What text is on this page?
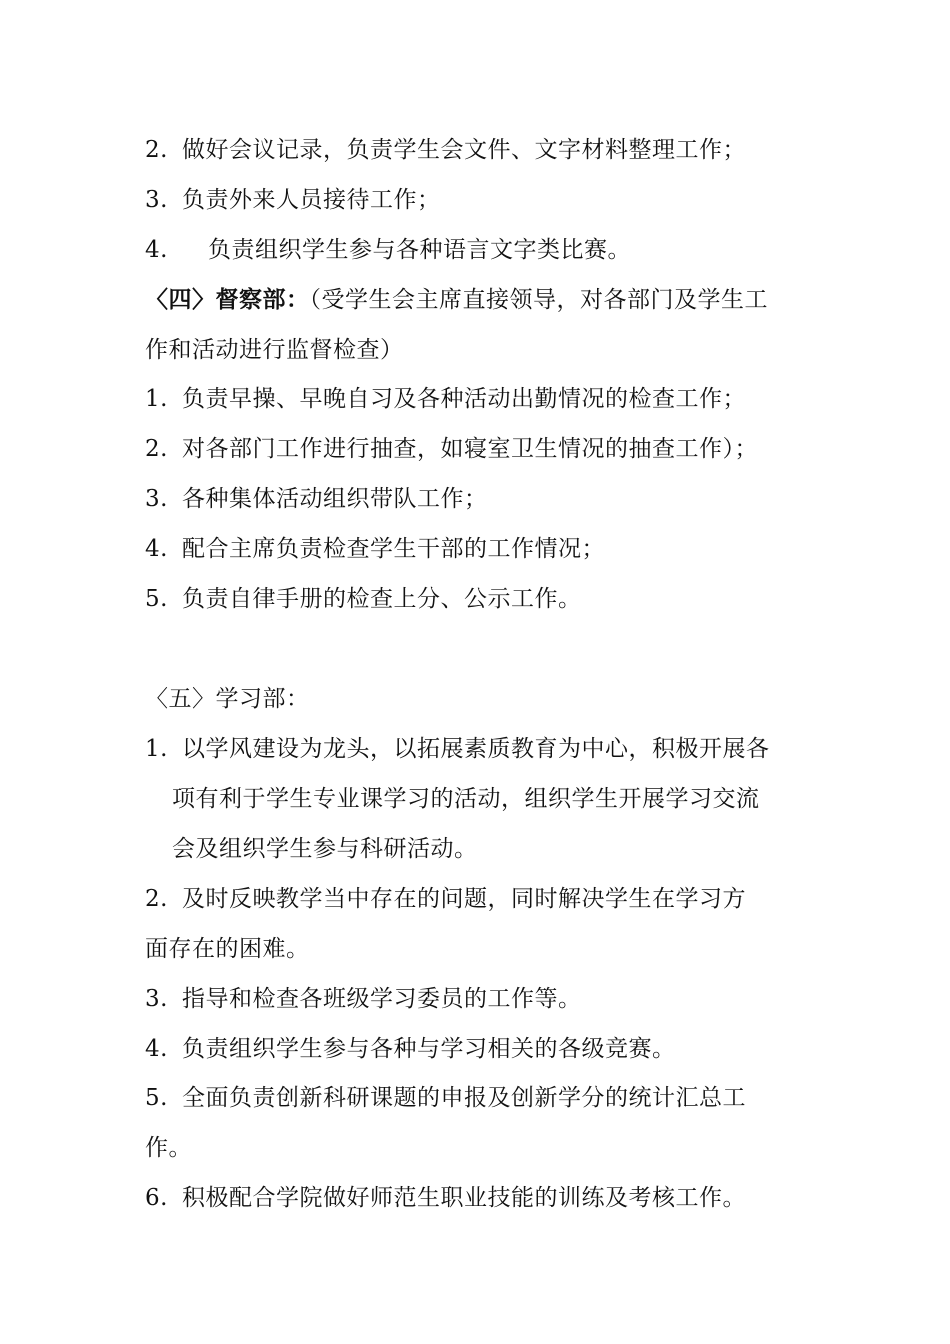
2. 做好会议记录，负责学生会文件、文字材料整理工作；
3. 负责外来人员接待工作；
4. 负责组织学生参与各种语言文字类比赛。
〈四〉督察部：（受学生会主席直接领导，对各部门及学生工
作和活动进行监督检查）
1. 负责早操、早晚自习及各种活动出勤情况的检查工作；
2. 对各部门工作进行抽查，如寝室卫生情况的抽查工作）；
3. 各种集体活动组织带队工作；
4. 配合主席负责检查学生干部的工作情况；
5. 负责自律手册的检查上分、公示工作。
〈五〉学习部：
1. 以学风建设为龙头，以拓展素质教育为中心，积极开展各
项有利于学生专业课学习的活动，组织学生开展学习交流
会及组织学生参与科研活动。
2. 及时反映教学当中存在的问题，同时解决学生在学习方
面存在的困难。
3. 指导和检查各班级学习委员的工作等。
4. 负责组织学生参与各种与学习相关的各级竞赛。
5. 全面负责创新科研课题的申报及创新学分的统计汇总工
作。
6. 积极配合学院做好师范生职业技能的训练及考核工作。
